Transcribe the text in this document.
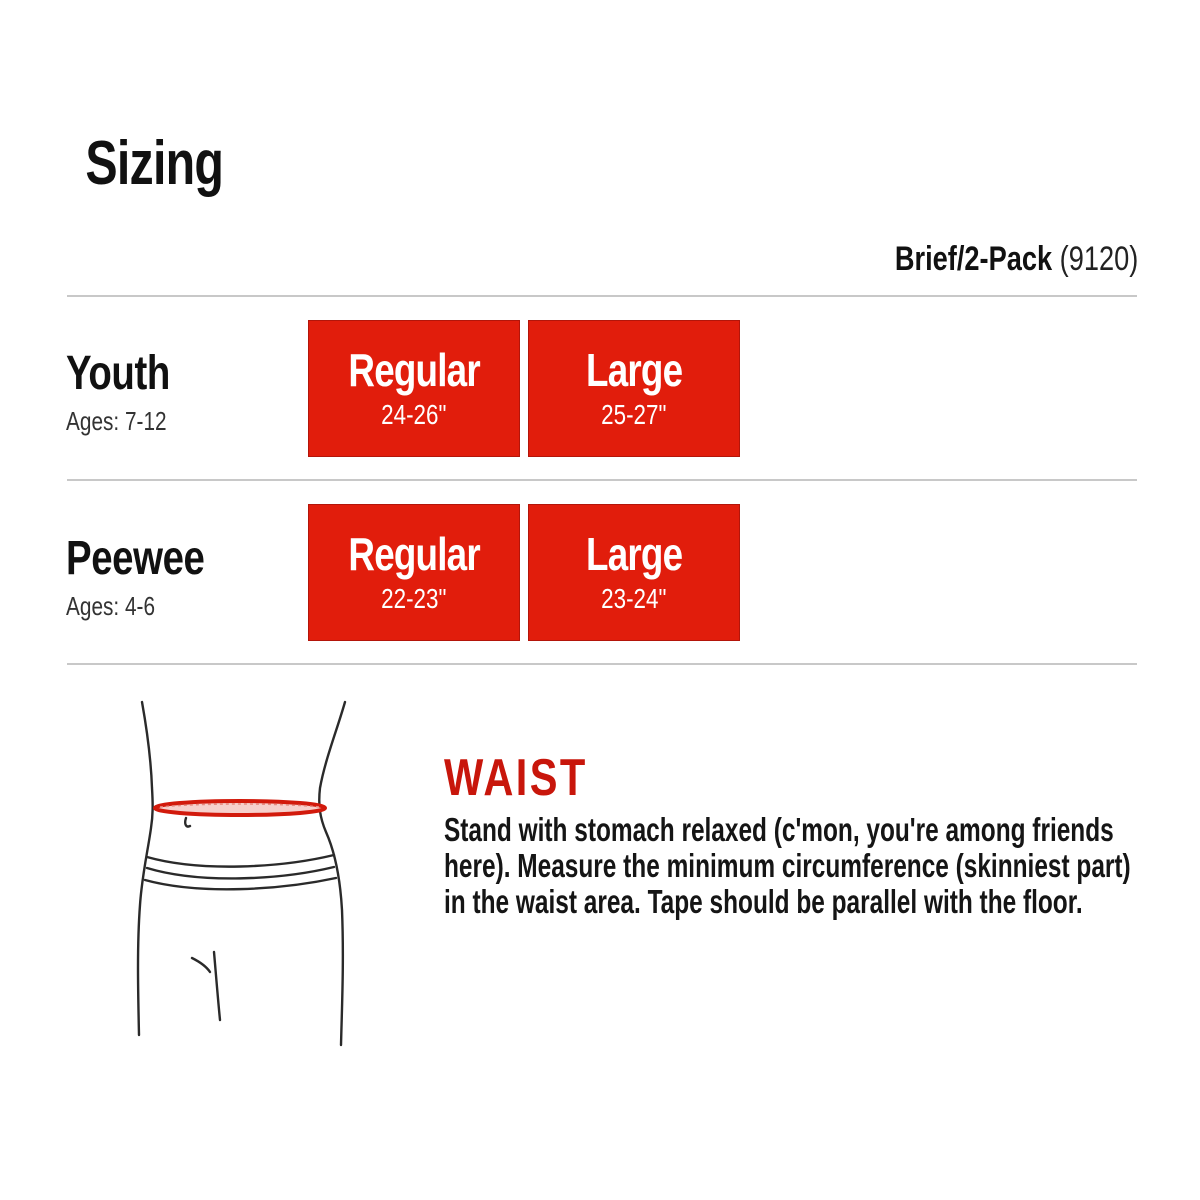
Sizing
Brief/2-Pack (9120)
Youth
Ages: 7-12
Regular
24-26"
Large
25-27"
Peewee
Ages: 4-6
Regular
22-23"
Large
23-24"
WAIST
Stand with stomach relaxed (c'mon, you're among friends
here). Measure the minimum circumference (skinniest part)
in the waist area. Tape should be parallel with the floor.
